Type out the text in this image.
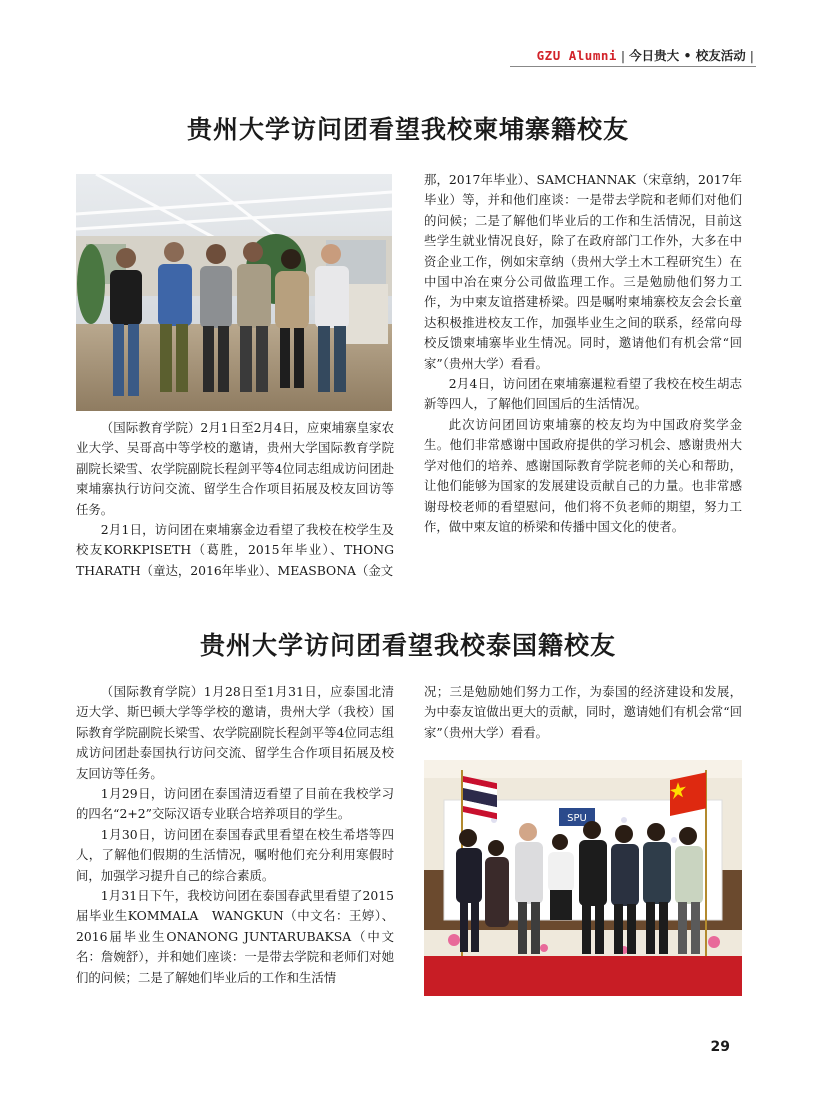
GZU Alumni | 今日贵大 • 校友活动 |
贵州大学访问团看望我校柬埔寨籍校友

（国际教育学院）2月1日至2月4日，应柬埔寨皇家农业大学、吴哥高中等学校的邀请，贵州大学国际教育学院副院长梁雪、农学院副院长程剑平等4位同志组成访问团赴柬埔寨执行访问交流、留学生合作项目拓展及校友回访等任务。

2月1日，访问团在柬埔寨金边看望了我校在校学生及校友KORKPISETH（葛胜，2015年毕业）、THONG THARATH（童达，2016年毕业）、MEASBONA（金文

那，2017年毕业）、SAMCHANNAK（宋章纳，2017年毕业）等，并和他们座谈：一是带去学院和老师们对他们的问候；二是了解他们毕业后的工作和生活情况，目前这些学生就业情况良好，除了在政府部门工作外，大多在中资企业工作，例如宋章纳（贵州大学土木工程研究生）在中国中冶在柬分公司做监理工作。三是勉励他们努力工作，为中柬友谊搭建桥梁。四是嘱咐柬埔寨校友会会长童达积极推进校友工作，加强毕业生之间的联系，经常向母校反馈柬埔寨毕业生情况。同时，邀请他们有机会常“回家”（贵州大学）看看。

2月4日，访问团在柬埔寨暹粒看望了我校在校生胡志新等四人，了解他们回国后的生活情况。

此次访问团回访柬埔寨的校友均为中国政府奖学金生。他们非常感谢中国政府提供的学习机会、感谢贵州大学对他们的培养、感谢国际教育学院老师的关心和帮助，让他们能够为国家的发展建设贡献自己的力量。也非常感谢母校老师的看望慰问，他们将不负老师的期望，努力工作，做中柬友谊的桥梁和传播中国文化的使者。

贵州大学访问团看望我校泰国籍校友

（国际教育学院）1月28日至1月31日，应泰国北清迈大学、斯巴顿大学等学校的邀请，贵州大学（我校）国际教育学院副院长梁雪、农学院副院长程剑平等4位同志组成访问团赴泰国执行访问交流、留学生合作项目拓展及校友回访等任务。

1月29日，访问团在泰国清迈看望了目前在我校学习的四名“2+2”交际汉语专业联合培养项目的学生。

1月30日，访问团在泰国春武里看望在校生希塔等四人，了解他们假期的生活情况，嘱咐他们充分利用寒假时间，加强学习提升自己的综合素质。

1月31日下午，我校访问团在泰国春武里看望了2015届毕业生KOMMALA　WANGKUN（中文名：王婷）、2016届毕业生ONANONG JUNTARUBAKSA（中文名：詹婉舒），并和她们座谈：一是带去学院和老师们对她们的问候；二是了解她们毕业后的工作和生活情

况；三是勉励她们努力工作，为泰国的经济建设和发展，为中泰友谊做出更大的贡献，同时，邀请她们有机会常“回家”（贵州大学）看看。

SPU
29
